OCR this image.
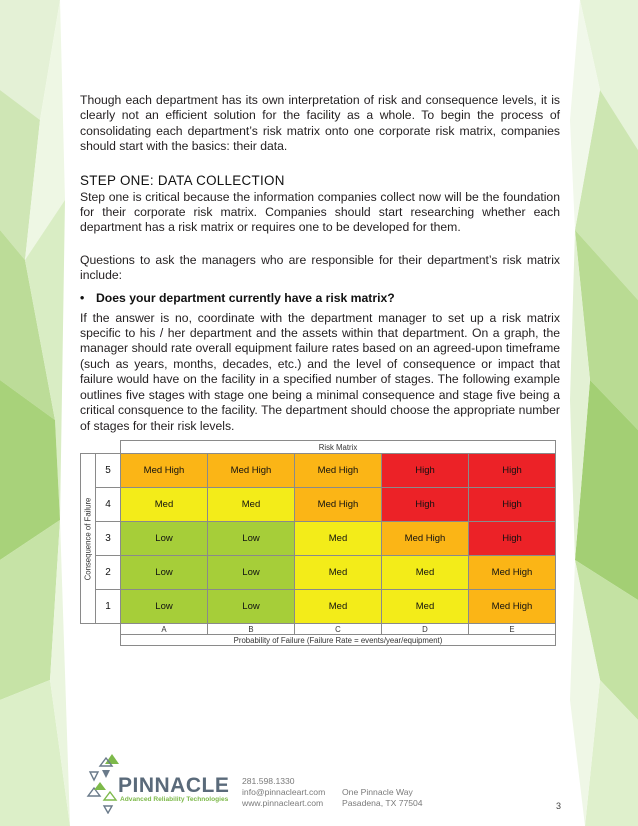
Though each department has its own interpretation of risk and consequence levels, it is clearly not an efficient solution for the facility as a whole. To begin the process of consolidating each department’s risk matrix onto one corporate risk matrix, companies should start with the basics: their data.

STEP ONE: DATA COLLECTION

Step one is critical because the information companies collect now will be the foundation for their corporate risk matrix. Companies should start researching whether each department has a risk matrix or requires one to be developed for them.

Questions to ask the managers who are responsible for their department’s risk matrix include:

• Does your department currently have a risk matrix?

If the answer is no, coordinate with the department manager to set up a risk matrix specific to his / her department and the assets within that department. On a graph, the manager should rate overall equipment failure rates based on an agreed-upon timeframe (such as years, months, decades, etc.) and the level of consequence or impact that failure would have on the facility in a specified number of stages. The following example outlines five stages with stage one being a minimal consequence and stage five being a critical consquence to the facility. The department should choose the appropriate number of stages for their risk levels.

		Risk Matrix				

Consequence of Failure	5	Med High	Med High	Med High	High	High
	4	Med	Med	Med High	High	High
	3	Low	Low	Med	Med High	High
	2	Low	Low	Med	Med	Med High
	1	Low	Low	Med	Med	Med High
		A	B	C	D	E
		Probability of Failure (Failure Rate = events/year/equipment)				
PINNACLE
Advanced Reliability Technologies
281.598.1330
info@pinnacleart.com
www.pinnacleart.com
One Pinnacle Way
Pasadena, TX 77504	3
